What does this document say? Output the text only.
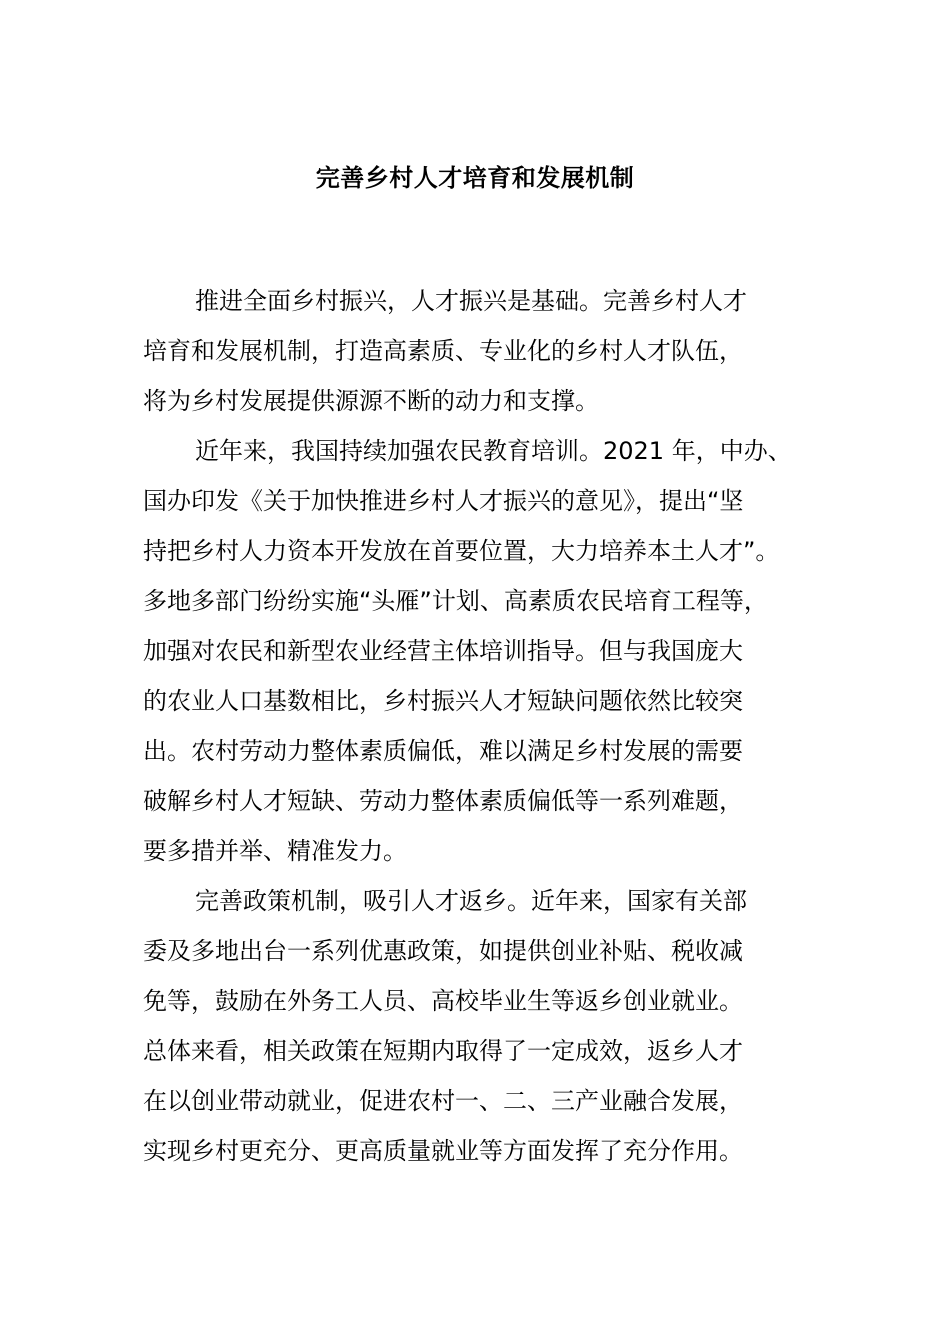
完善乡村人才培育和发展机制
推进全面乡村振兴，人才振兴是基础。完善乡村人才
培育和发展机制，打造高素质、专业化的乡村人才队伍，
将为乡村发展提供源源不断的动力和支撑。
近年来，我国持续加强农民教育培训。2021 年，中办、
国办印发《关于加快推进乡村人才振兴的意见》，提出“坚
持把乡村人力资本开发放在首要位置，大力培养本土人才”。
多地多部门纷纷实施“头雁”计划、高素质农民培育工程等，
加强对农民和新型农业经营主体培训指导。但与我国庞大
的农业人口基数相比，乡村振兴人才短缺问题依然比较突
出。农村劳动力整体素质偏低，难以满足乡村发展的需要
破解乡村人才短缺、劳动力整体素质偏低等一系列难题，
要多措并举、精准发力。
完善政策机制，吸引人才返乡。近年来，国家有关部
委及多地出台一系列优惠政策，如提供创业补贴、税收减
免等，鼓励在外务工人员、高校毕业生等返乡创业就业。
总体来看，相关政策在短期内取得了一定成效，返乡人才
在以创业带动就业，促进农村一、二、三产业融合发展，
实现乡村更充分、更高质量就业等方面发挥了充分作用。
